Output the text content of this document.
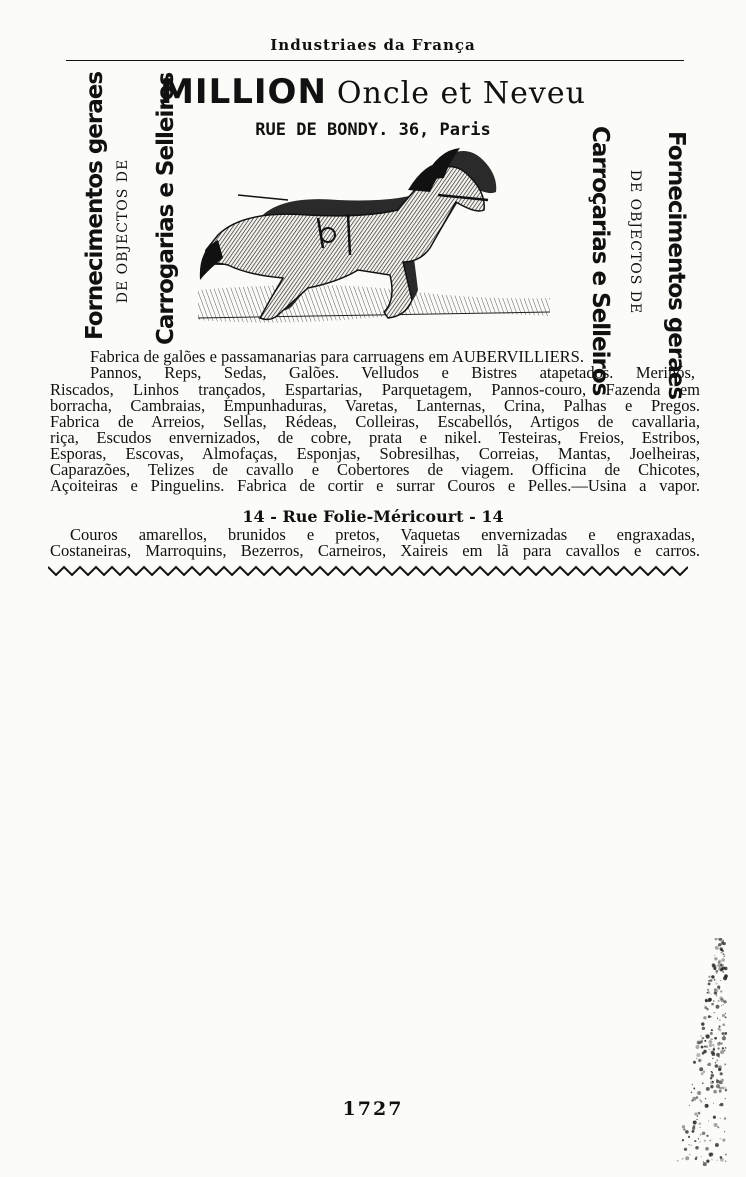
Industriaes da França
MILLION Oncle et Neveu
RUE DE BONDY. 36, Paris
Fornecimentos geraes DE OBJECTOS DE Carrogarias e Selleiros	Carroçarias e Selleiros DE OBJECTOS DE Fornecimentos geraes
Fabrica de galões e passamanarias para carruagens em AUBERVILLIERS.
Pannos, Reps, Sedas, Galões. Velludos e Bistres atapetados. Merinós,
Riscados, Linhos trançados, Espartarias, Parquetagem, Pannos-couro, Fazenda em
borracha, Cambraias, Empunhaduras, Varetas, Lanternas, Crina, Palhas e Pregos.
Fabrica de Arreios, Sellas, Rédeas, Colleiras, Escabellós, Artigos de cavallaria,
riça, Escudos envernizados, de cobre, prata e nikel. Testeiras, Freios, Estribos,
Esporas, Escovas, Almofaças, Esponjas, Sobresilhas, Correias, Mantas, Joelheiras,
Caparazões, Telizes de cavallo e Cobertores de viagem. Officina de Chicotes,
Açoiteiras e Pinguelins. Fabrica de cortir e surrar Couros e Pelles.—Usina a vapor.
14 - Rue Folie-Méricourt - 14
Couros amarellos, brunidos e pretos, Vaquetas envernizadas e engraxadas,
Costaneiras, Marroquins, Bezerros, Carneiros, Xaireis em lã para cavallos e carros.
1727
